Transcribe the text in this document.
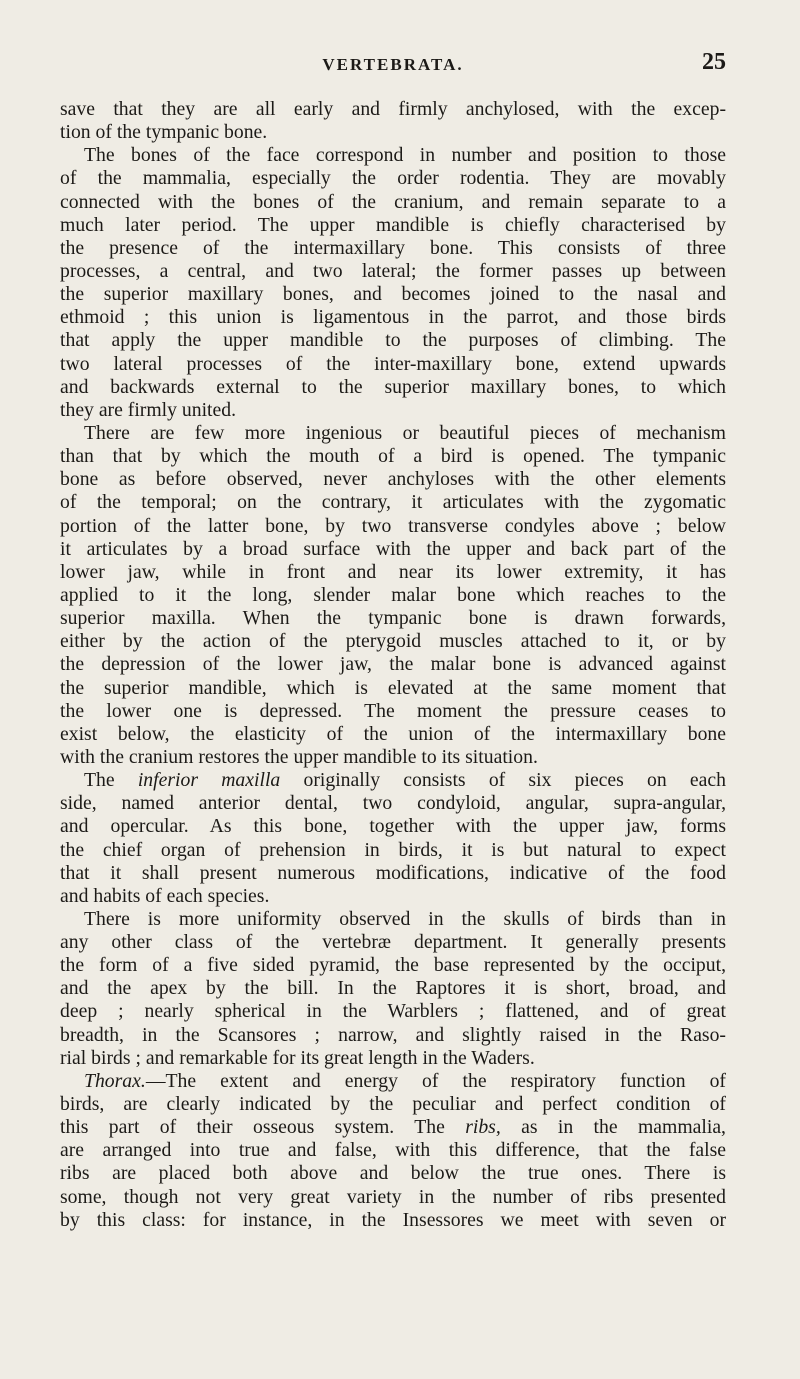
VERTEBRATA.	25
save that they are all early and firmly anchylosed, with the excep-
tion of the tympanic bone.
The bones of the face correspond in number and position to those
of the mammalia, especially the order rodentia. They are movably
connected with the bones of the cranium, and remain separate to a
much later period. The upper mandible is chiefly characterised by
the presence of the intermaxillary bone. This consists of three
processes, a central, and two lateral; the former passes up between
the superior maxillary bones, and becomes joined to the nasal and
ethmoid ; this union is ligamentous in the parrot, and those birds
that apply the upper mandible to the purposes of climbing. The
two lateral processes of the inter-maxillary bone, extend upwards
and backwards external to the superior maxillary bones, to which
they are firmly united.
There are few more ingenious or beautiful pieces of mechanism
than that by which the mouth of a bird is opened. The tympanic
bone as before observed, never anchyloses with the other elements
of the temporal; on the contrary, it articulates with the zygomatic
portion of the latter bone, by two transverse condyles above ; below
it articulates by a broad surface with the upper and back part of the
lower jaw, while in front and near its lower extremity, it has
applied to it the long, slender malar bone which reaches to the
superior maxilla. When the tympanic bone is drawn forwards,
either by the action of the pterygoid muscles attached to it, or by
the depression of the lower jaw, the malar bone is advanced against
the superior mandible, which is elevated at the same moment that
the lower one is depressed. The moment the pressure ceases to
exist below, the elasticity of the union of the intermaxillary bone
with the cranium restores the upper mandible to its situation.
The inferior maxilla originally consists of six pieces on each
side, named anterior dental, two condyloid, angular, supra-angular,
and opercular. As this bone, together with the upper jaw, forms
the chief organ of prehension in birds, it is but natural to expect
that it shall present numerous modifications, indicative of the food
and habits of each species.
There is more uniformity observed in the skulls of birds than in
any other class of the vertebræ department. It generally presents
the form of a five sided pyramid, the base represented by the occiput,
and the apex by the bill. In the Raptores it is short, broad, and
deep ; nearly spherical in the Warblers ; flattened, and of great
breadth, in the Scansores ; narrow, and slightly raised in the Raso-
rial birds ; and remarkable for its great length in the Waders.
Thorax.—The extent and energy of the respiratory function of
birds, are clearly indicated by the peculiar and perfect condition of
this part of their osseous system. The ribs, as in the mammalia,
are arranged into true and false, with this difference, that the false
ribs are placed both above and below the true ones. There is
some, though not very great variety in the number of ribs presented
by this class: for instance, in the Insessores we meet with seven or
